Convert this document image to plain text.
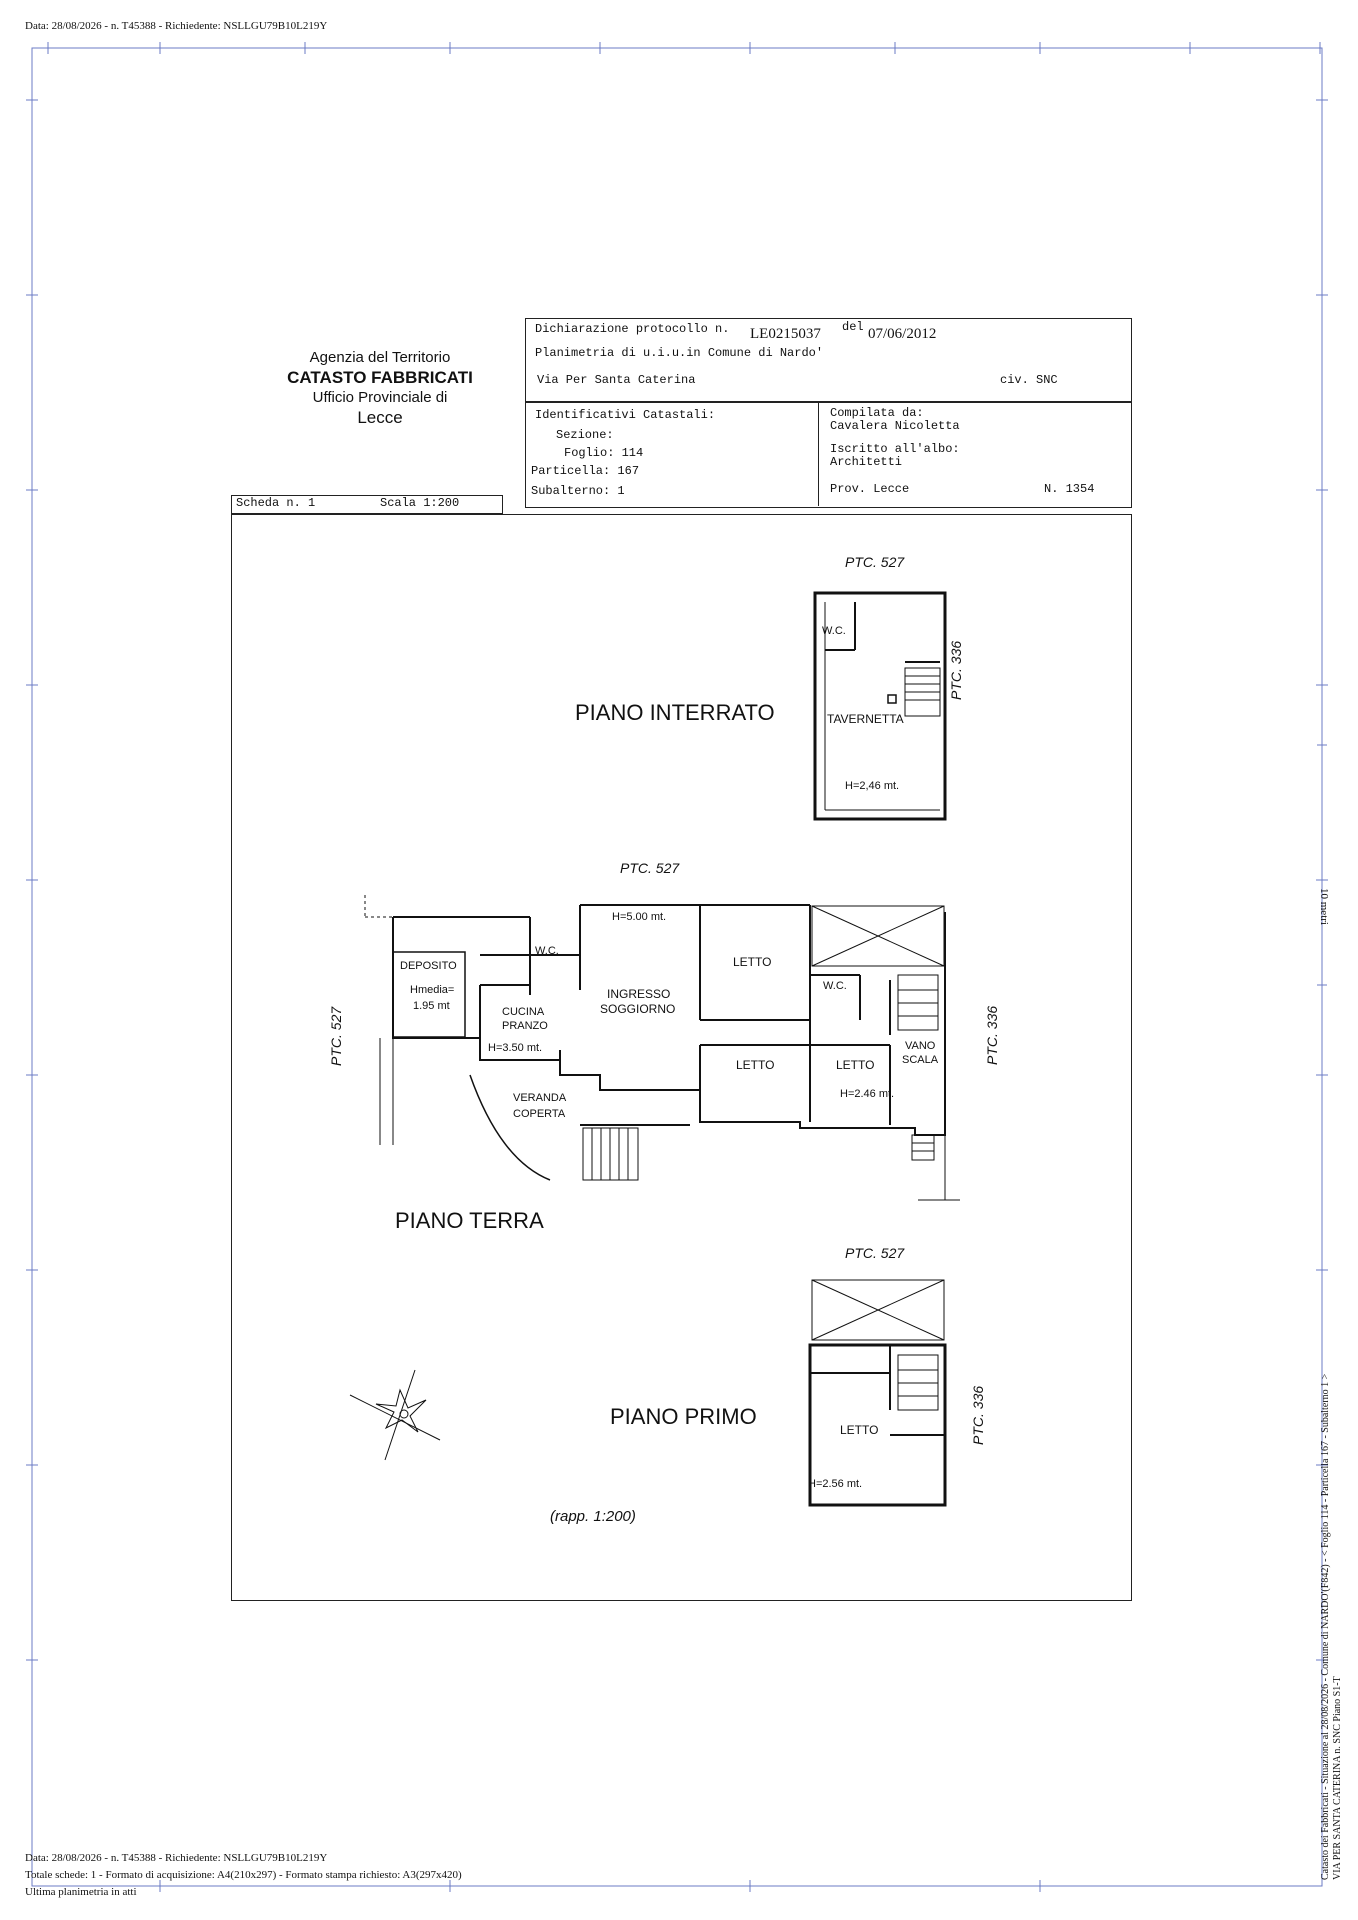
Data: 28/08/2026 - n. T45388 - Richiedente: NSLLGU79B10L219Y
Agenzia del Territorio
CATASTO FABBRICATI
Ufficio Provinciale di
Lecce
Dichiarazione protocollo n. LE0215037 del 07/06/2012
Planimetria di u.i.u.in Comune di Nardo'
Via Per Santa Caterina	civ. SNC
Identificativi Catastali:
Sezione:
Foglio: 114
Particella: 167
Subalterno: 1
Compilata da:
Cavalera Nicoletta
Iscritto all'albo:
Architetti
Prov. Lecce	N. 1354
Scheda n. 1	Scala 1:200
PTC. 527
PTC. 336
PIANO INTERRATO
W.C.
TAVERNETTA
H=2,46 mt.
PTC. 527
PTC. 527	PTC. 336
PIANO TERRA
DEPOSITO
Hmedia=
1.95 mt
W.C.
H=5.00 mt.
INGRESSO
SOGGIORNO
LETTO
W.C.
CUCINA
PRANZO
H=3.50 mt.
LETTO	LETTO
H=2.46 mt.
VANO
SCALA
VERANDA
COPERTA
PTC. 527
PTC. 336
PIANO PRIMO
LETTO
H=2.56 mt.
(rapp. 1:200)
10 metri
Catasto dei Fabbricati - Situazione al 28/08/2026 - Comune di NARDO'(F842) - < Foglio 114 - Particella 167 - Subalterno 1 > VIA PER SANTA CATERINA n. SNC Piano S1-T
Data: 28/08/2026 - n. T45388 - Richiedente: NSLLGU79B10L219Y
Totale schede: 1 - Formato di acquisizione: A4(210x297) - Formato stampa richiesto: A3(297x420)
Ultima planimetria in atti
